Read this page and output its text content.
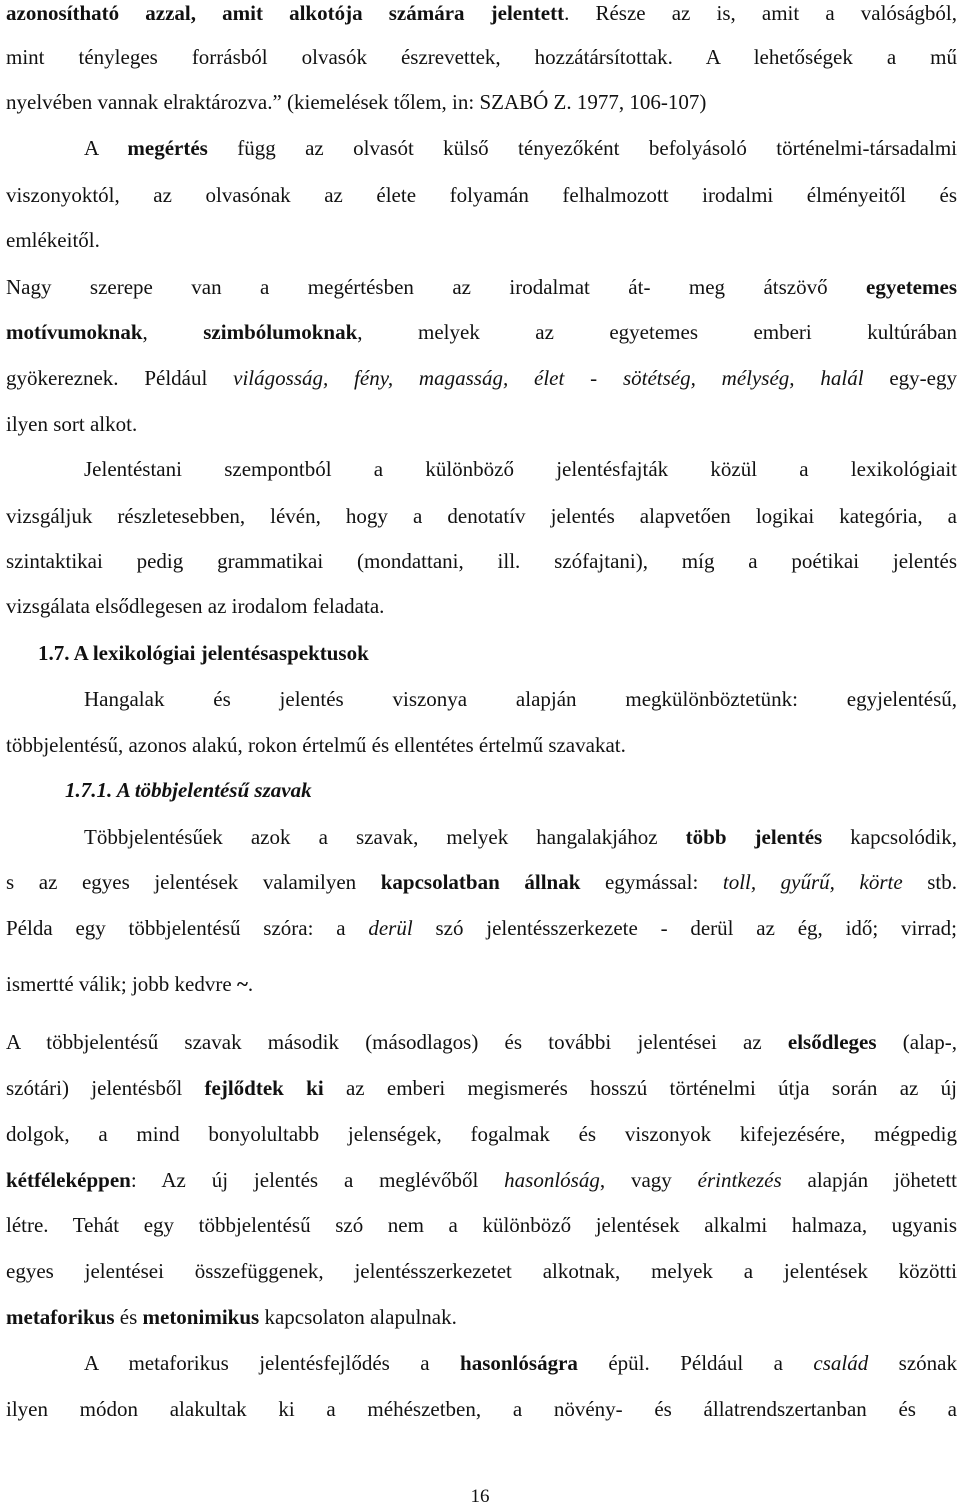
azonosítható azzal, amit alkotója számára jelentett. Része az is, amit a valóságból,
mint tényleges forrásból olvasók észrevettek, hozzátársítottak. A lehetőségek a mű
nyelvében vannak elraktározva.” (kiemelések tőlem, in: SZABÓ Z. 1977, 106-107)
A megértés függ az olvasót külső tényezőként befolyásoló történelmi-társadalmi
viszonyoktól, az olvasónak az élete folyamán felhalmozott irodalmi élményeitől és
emlékeitől.
Nagy szerepe van a megértésben az irodalmat át- meg átszövő egyetemes
motívumoknak, szimbólumoknak, melyek az egyetemes emberi kultúrában
gyökereznek. Például világosság, fény, magasság, élet - sötétség, mélység, halál egy-egy
ilyen sort alkot.
Jelentéstani szempontból a különböző jelentésfajták közül a lexikológiait
vizsgáljuk részletesebben, lévén, hogy a denotatív jelentés alapvetően logikai kategória, a
szintaktikai pedig grammatikai (mondattani, ill. szófajtani), míg a poétikai jelentés
vizsgálata elsődlegesen az irodalom feladata.
1.7. A lexikológiai jelentésaspektusok
Hangalak és jelentés viszonya alapján megkülönböztetünk: egyjelentésű,
többjelentésű, azonos alakú, rokon értelmű és ellentétes értelmű szavakat.
1.7.1. A többjelentésű szavak
Többjelentésűek azok a szavak, melyek hangalakjához több jelentés kapcsolódik,
s az egyes jelentések valamilyen kapcsolatban állnak egymással: toll, gyűrű, körte stb.
Példa egy többjelentésű szóra: a derül szó jelentésszerkezete - derül az ég, idő; virrad;
ismertté válik; jobb kedvre ~.
A többjelentésű szavak második (másodlagos) és további jelentései az elsődleges (alap-,
szótári) jelentésből fejlődtek ki az emberi megismerés hosszú történelmi útja során az új
dolgok, a mind bonyolultabb jelenségek, fogalmak és viszonyok kifejezésére, mégpedig
kétféleképpen: Az új jelentés a meglévőből hasonlóság, vagy érintkezés alapján jöhetett
létre. Tehát egy többjelentésű szó nem a különböző jelentések alkalmi halmaza, ugyanis
egyes jelentései összefüggenek, jelentésszerkezetet alkotnak, melyek a jelentések közötti
metaforikus és metonimikus kapcsolaton alapulnak.
A metaforikus jelentésfejlődés a hasonlóságra épül. Például a család szónak
ilyen módon alakultak ki a méhészetben, a növény- és állatrendszertanban és a
16
